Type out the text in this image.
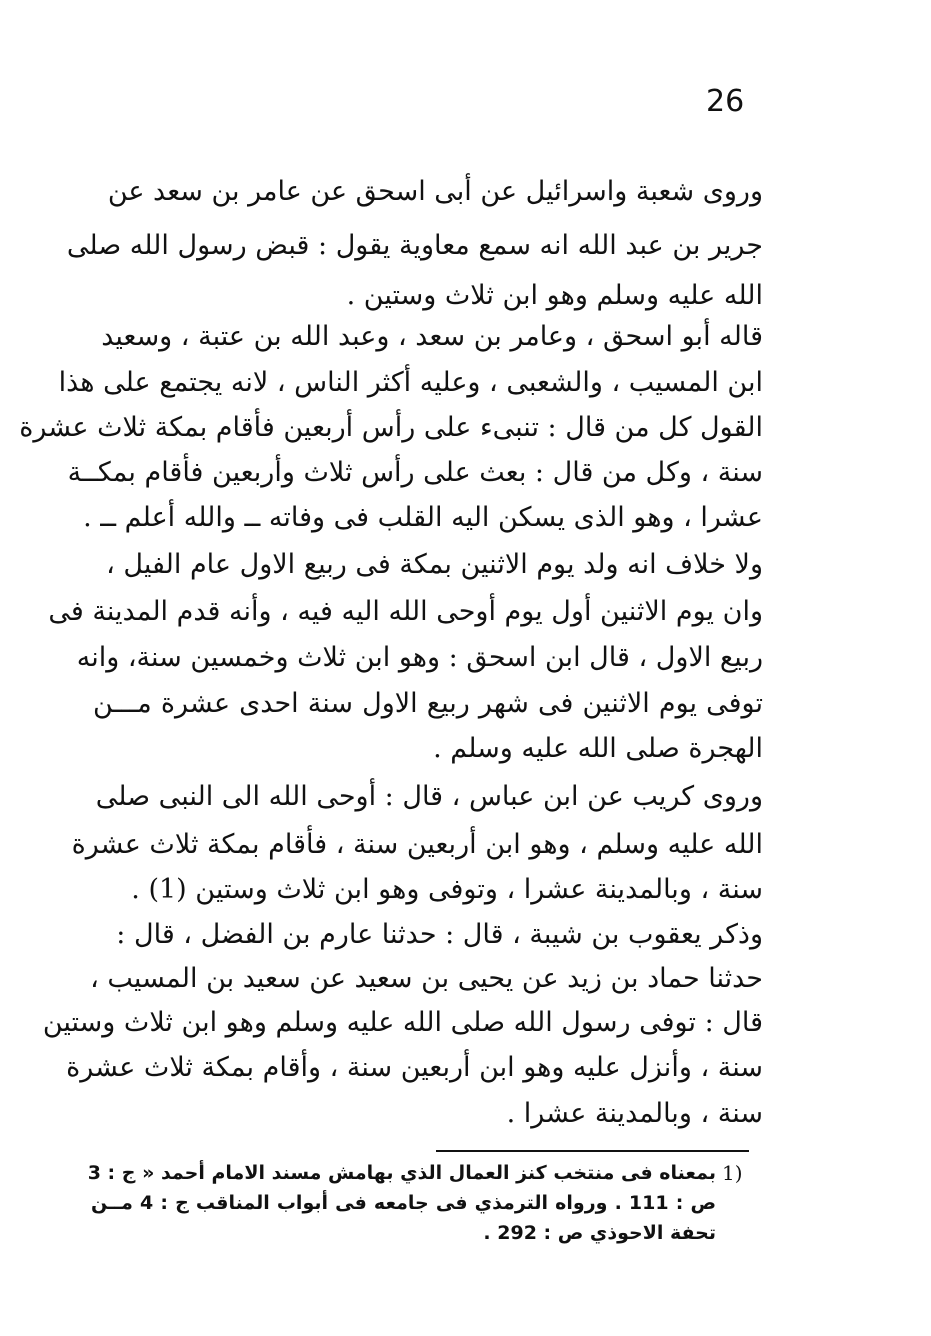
26
وروى شعبة واسرائيل عن أبى اسحق عن عامر بن سعد عن
جرير بن عبد الله انه سمع معاوية يقول : قبض رسول الله صلى
الله عليه وسلم وهو ابن ثلاث وستين .
قاله أبو اسحق ، وعامر بن سعد ، وعبد الله بن عتبة ، وسعيد
ابن المسيب ، والشعبى ، وعليه أكثر الناس ، لانه يجتمع على هذا
القول كل من قال : تنبىء على رأس أربعين فأقام بمكة ثلاث عشرة
سنة ، وكل من قال : بعث على رأس ثلاث وأربعين فأقام بمكــة
عشرا ، وهو الذى يسكن اليه القلب فى وفاته ــ والله أعلم ــ .
ولا خلاف انه ولد يوم الاثنين بمكة فى ربيع الاول عام الفيل ،
وان يوم الاثنين أول يوم أوحى الله اليه فيه ، وأنه قدم المدينة فى
ربيع الاول ، قال ابن اسحق : وهو ابن ثلاث وخمسين سنة، وانه
توفى يوم الاثنين فى شهر ربيع الاول سنة احدى عشرة مـــن
الهجرة صلى الله عليه وسلم .
وروى كريب عن ابن عباس ، قال : أوحى الله الى النبى صلى
الله عليه وسلم ، وهو ابن أربعين سنة ، فأقام بمكة ثلاث عشرة
سنة ، وبالمدينة عشرا ، وتوفى وهو ابن ثلاث وستين (1) .
وذكر يعقوب بن شيبة ، قال : حدثنا عارم بن الفضل ، قال :
حدثنا حماد بن زيد عن يحيى بن سعيد عن سعيد بن المسيب ،
قال : توفى رسول الله صلى الله عليه وسلم وهو ابن ثلاث وستين
سنة ، وأنزل عليه وهو ابن أربعين سنة ، وأقام بمكة ثلاث عشرة
سنة ، وبالمدينة عشرا .
1)
بمعناه فى منتخب كنز العمال الذي بهامش مسند الامام أحمد « ج : 3
ص : 111 . ورواه الترمذي فى جامعه فى أبواب المناقب ج : 4 مــن
تحفة الاحوذي ص : 292 .
